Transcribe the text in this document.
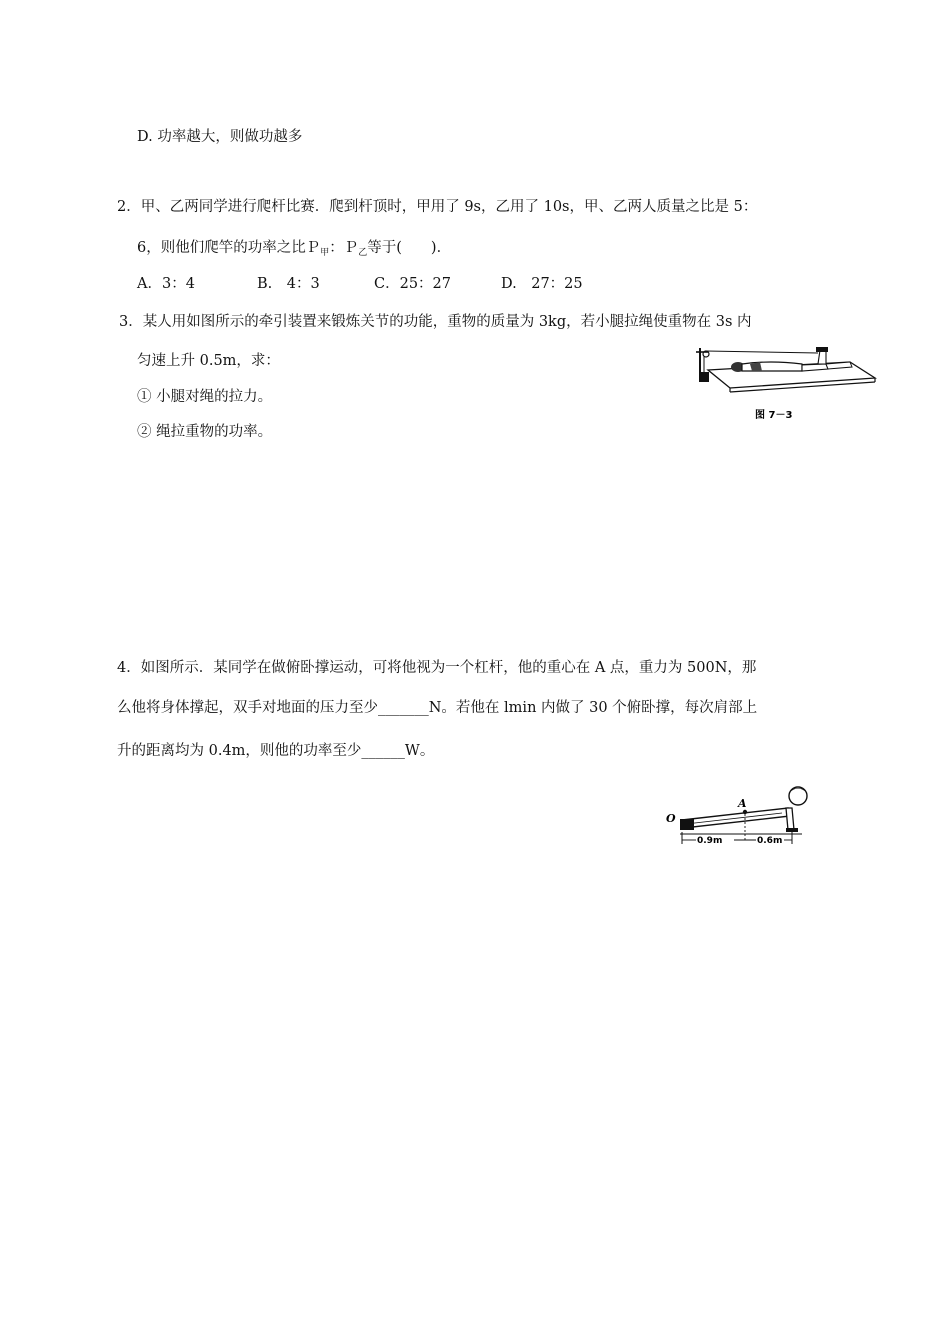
D. 功率越大，则做功越多
2．甲、乙两同学进行爬杆比赛．爬到杆顶时，甲用了 9s，乙用了 10s，甲、乙两人质量之比是 5：
6，则他们爬竿的功率之比Ｐ$_甲$：Ｐ$_乙$等于(　　)．
A．3：4	B.　4：3	C．25：27	D.　27：25
3．某人用如图所示的牵引装置来锻炼关节的功能，重物的质量为 3kg，若小腿拉绳使重物在 3s 内
匀速上升 0.5m，求：
① 小腿对绳的拉力。
② 绳拉重物的功率。
图 7－3
4．如图所示．某同学在做俯卧撑运动，可将他视为一个杠杆，他的重心在 A 点，重力为 500N，那
么他将身体撑起，双手对地面的压力至少_______N。若他在 lmin 内做了 30 个俯卧撑，每次肩部上
升的距离均为 0.4m，则他的功率至少______W。
O
A
0.9m	0.6m
